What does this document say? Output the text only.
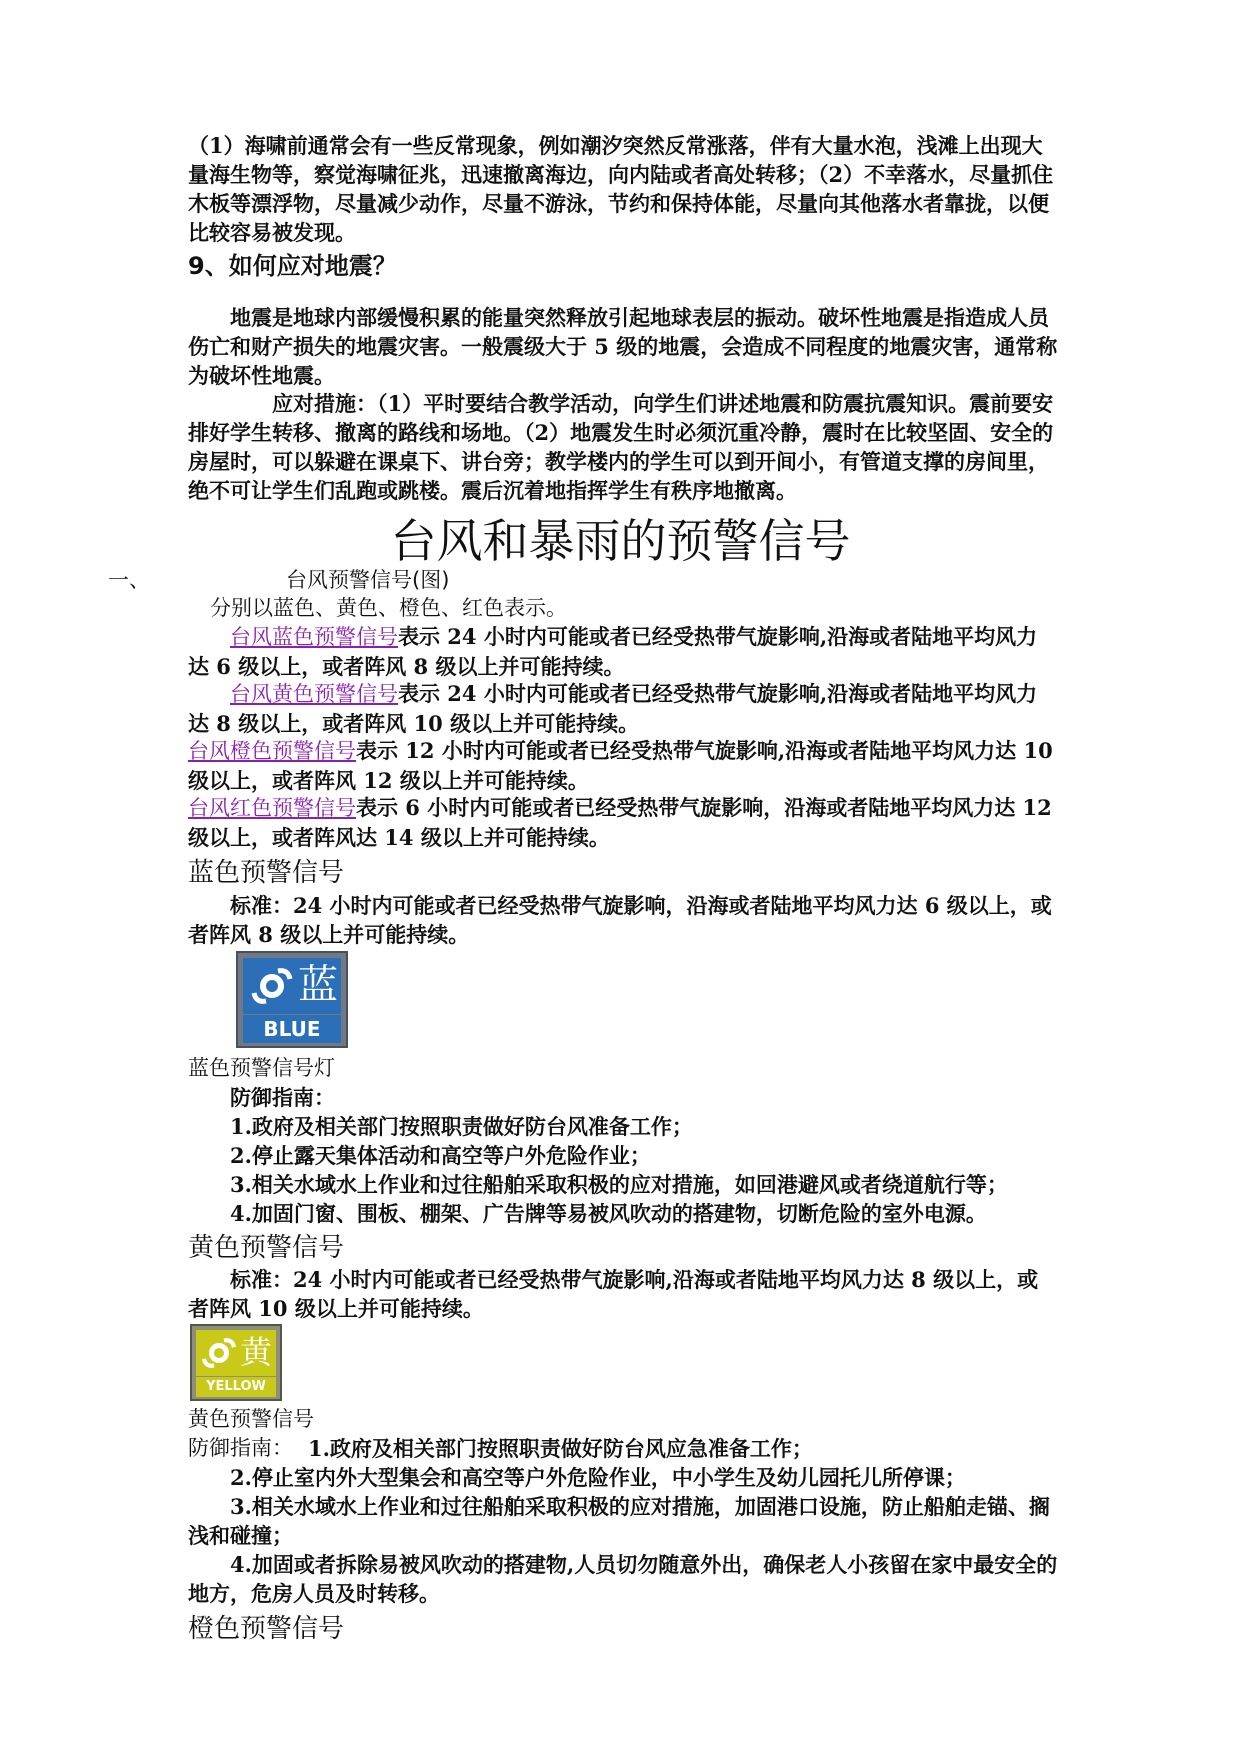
（1）海啸前通常会有一些反常现象，例如潮汐突然反常涨落，伴有大量水泡，浅滩上出现大量海生物等，察觉海啸征兆，迅速撤离海边，向内陆或者高处转移；（2）不幸落水，尽量抓住木板等漂浮物，尽量减少动作，尽量不游泳，节约和保持体能，尽量向其他落水者靠拢，以便比较容易被发现。
9、如何应对地震？
地震是地球内部缓慢积累的能量突然释放引起地球表层的振动。破坏性地震是指造成人员伤亡和财产损失的地震灾害。一般震级大于 5 级的地震，会造成不同程度的地震灾害，通常称为破坏性地震。
应对措施：（1）平时要结合教学活动，向学生们讲述地震和防震抗震知识。震前要安排好学生转移、撤离的路线和场地。（2）地震发生时必须沉重冷静，震时在比较坚固、安全的房屋时，可以躲避在课桌下、讲台旁；教学楼内的学生可以到开间小，有管道支撑的房间里，绝不可让学生们乱跑或跳楼。震后沉着地指挥学生有秩序地撤离。
台风和暴雨的预警信号
一、	台风预警信号(图)
分别以蓝色、黄色、橙色、红色表示。
台风蓝色预警信号表示 24 小时内可能或者已经受热带气旋影响,沿海或者陆地平均风力达 6 级以上，或者阵风 8 级以上并可能持续。
台风黄色预警信号表示 24 小时内可能或者已经受热带气旋影响,沿海或者陆地平均风力达 8 级以上，或者阵风 10 级以上并可能持续。
台风橙色预警信号表示 12 小时内可能或者已经受热带气旋影响,沿海或者陆地平均风力达 10 级以上，或者阵风 12 级以上并可能持续。
台风红色预警信号表示 6 小时内可能或者已经受热带气旋影响，沿海或者陆地平均风力达 12 级以上，或者阵风达 14 级以上并可能持续。
蓝色预警信号
标准：24 小时内可能或者已经受热带气旋影响，沿海或者陆地平均风力达 6 级以上，或者阵风 8 级以上并可能持续。
蓝
BLUE
蓝色预警信号灯
防御指南：
1.政府及相关部门按照职责做好防台风准备工作；
2.停止露天集体活动和高空等户外危险作业；
3.相关水域水上作业和过往船舶采取积极的应对措施，如回港避风或者绕道航行等；
4.加固门窗、围板、棚架、广告牌等易被风吹动的搭建物，切断危险的室外电源。
黄色预警信号
标准：24 小时内可能或者已经受热带气旋影响,沿海或者陆地平均风力达 8 级以上，或者阵风 10 级以上并可能持续。
黄
YELLOW
黄色预警信号
防御指南： 1.政府及相关部门按照职责做好防台风应急准备工作；
2.停止室内外大型集会和高空等户外危险作业，中小学生及幼儿园托儿所停课；
3.相关水域水上作业和过往船舶采取积极的应对措施，加固港口设施，防止船舶走锚、搁浅和碰撞；
4.加固或者拆除易被风吹动的搭建物,人员切勿随意外出，确保老人小孩留在家中最安全的地方，危房人员及时转移。
橙色预警信号
